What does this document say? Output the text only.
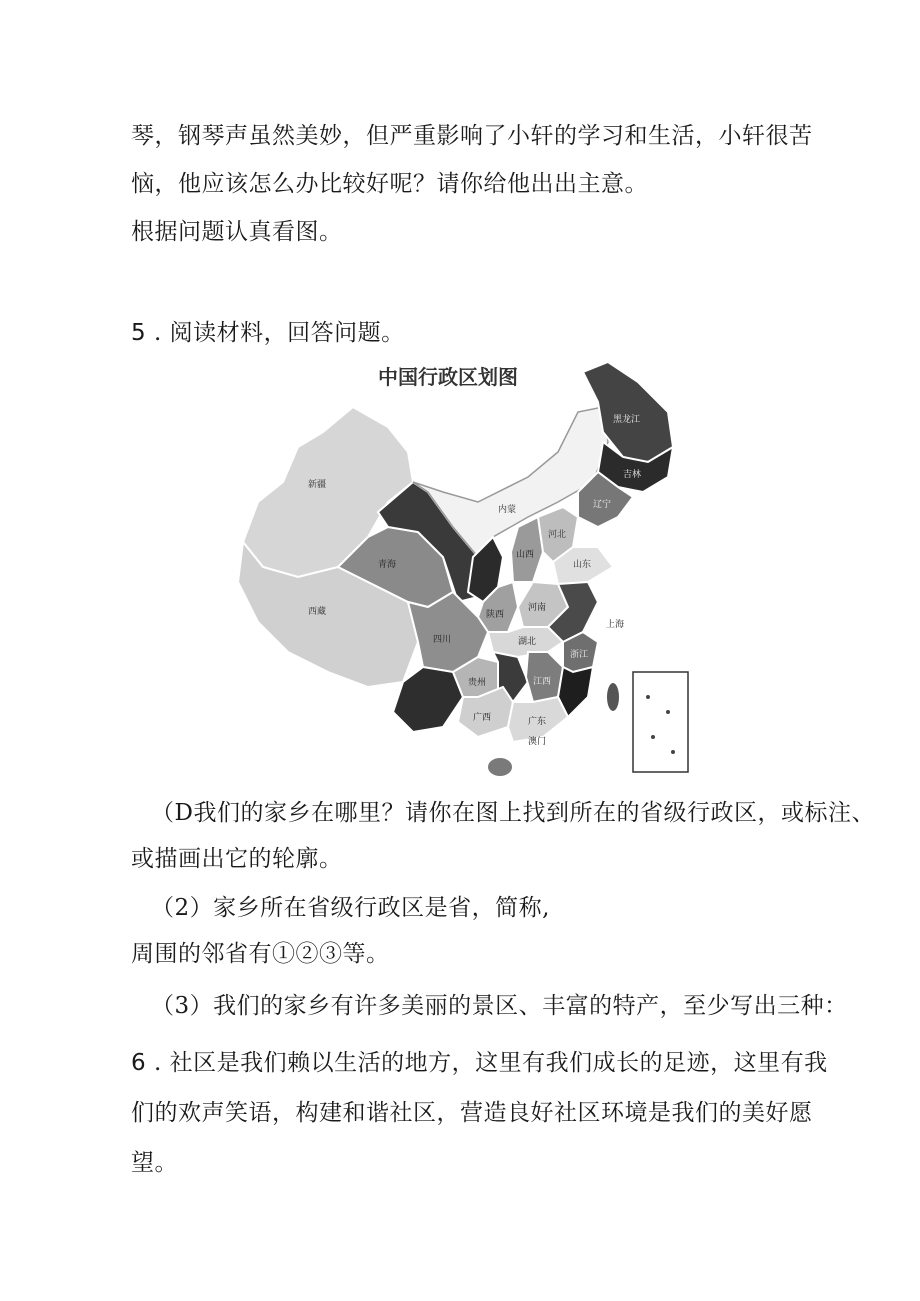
琴，钢琴声虽然美妙，但严重影响了小轩的学习和生活，小轩很苦
恼，他应该怎么办比较好呢？请你给他出出主意。
根据问题认真看图。
5 . 阅读材料，回答问题。
中国行政区划图
黑龙江
吉林
辽宁
新疆
内蒙
河北
山西
山东
青海
陕西
河南
西藏
四川	湖北
上海
浙江
江西
贵州
广西	广东
澳门
（D我们的家乡在哪里？请你在图上找到所在的省级行政区，或标注、
或描画出它的轮廓。
（2）家乡所在省级行政区是省，简称,
周围的邻省有①②③等。
（3）我们的家乡有许多美丽的景区、丰富的特产，至少写出三种：
6 . 社区是我们赖以生活的地方，这里有我们成长的足迹，这里有我
们的欢声笑语，构建和谐社区，营造良好社区环境是我们的美好愿
望。
